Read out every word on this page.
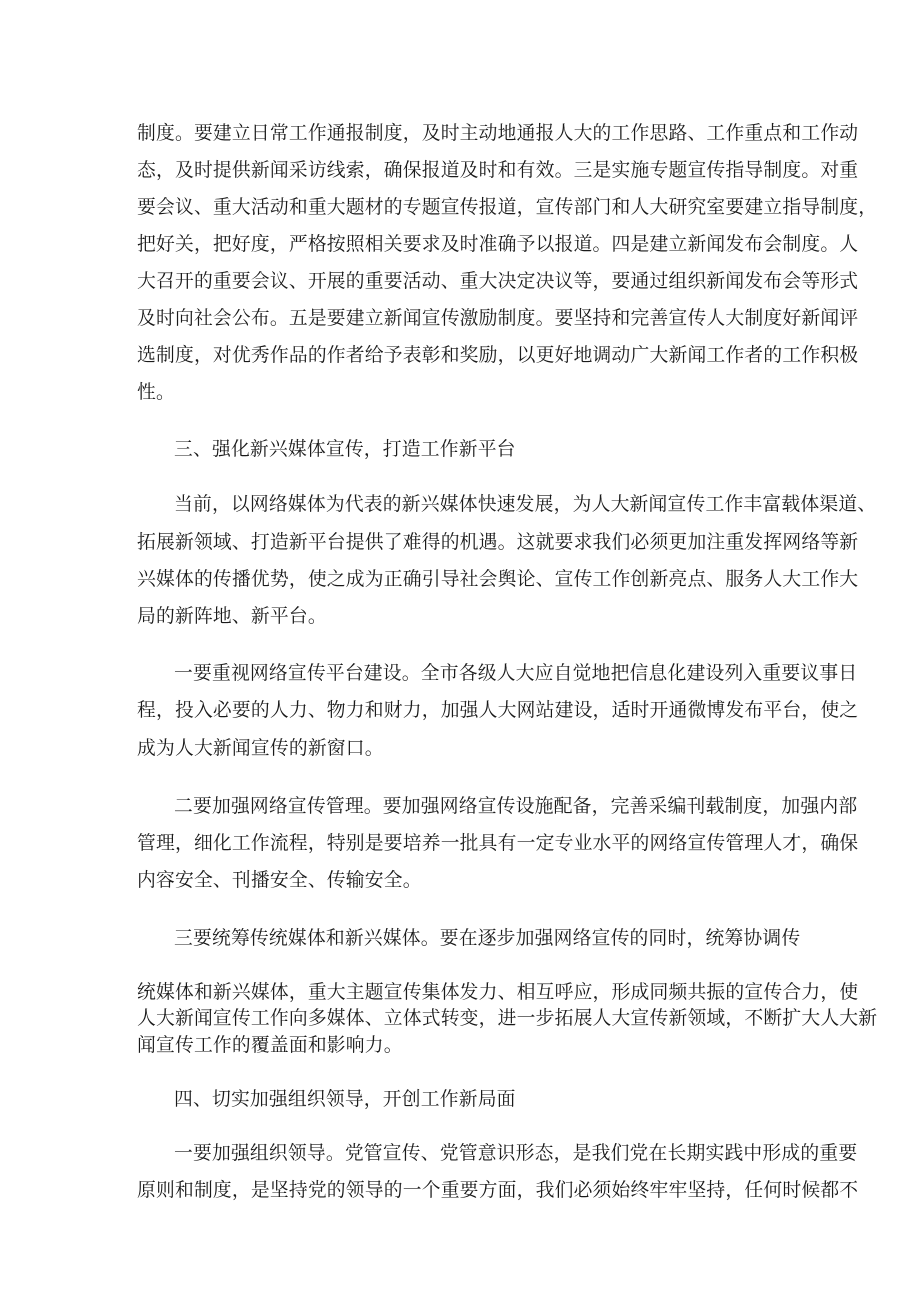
制度。要建立日常工作通报制度，及时主动地通报人大的工作思路、工作重点和工作动
态，及时提供新闻采访线索，确保报道及时和有效。三是实施专题宣传指导制度。对重
要会议、重大活动和重大题材的专题宣传报道，宣传部门和人大研究室要建立指导制度，
把好关，把好度，严格按照相关要求及时准确予以报道。四是建立新闻发布会制度。人
大召开的重要会议、开展的重要活动、重大决定决议等，要通过组织新闻发布会等形式
及时向社会公布。五是要建立新闻宣传激励制度。要坚持和完善宣传人大制度好新闻评
选制度，对优秀作品的作者给予表彰和奖励，以更好地调动广大新闻工作者的工作积极
性。
三、强化新兴媒体宣传，打造工作新平台
当前，以网络媒体为代表的新兴媒体快速发展，为人大新闻宣传工作丰富载体渠道、
拓展新领域、打造新平台提供了难得的机遇。这就要求我们必须更加注重发挥网络等新
兴媒体的传播优势，使之成为正确引导社会舆论、宣传工作创新亮点、服务人大工作大
局的新阵地、新平台。
一要重视网络宣传平台建设。全市各级人大应自觉地把信息化建设列入重要议事日
程，投入必要的人力、物力和财力，加强人大网站建设，适时开通微博发布平台，使之
成为人大新闻宣传的新窗口。
二要加强网络宣传管理。要加强网络宣传设施配备，完善采编刊载制度，加强内部
管理，细化工作流程，特别是要培养一批具有一定专业水平的网络宣传管理人才，确保
内容安全、刊播安全、传输安全。
三要统筹传统媒体和新兴媒体。要在逐步加强网络宣传的同时，统筹协调传
统媒体和新兴媒体，重大主题宣传集体发力、相互呼应，形成同频共振的宣传合力，使
人大新闻宣传工作向多媒体、立体式转变，进一步拓展人大宣传新领域，不断扩大人大新
闻宣传工作的覆盖面和影响力。
四、切实加强组织领导，开创工作新局面
一要加强组织领导。党管宣传、党管意识形态，是我们党在长期实践中形成的重要
原则和制度，是坚持党的领导的一个重要方面，我们必须始终牢牢坚持，任何时候都不
